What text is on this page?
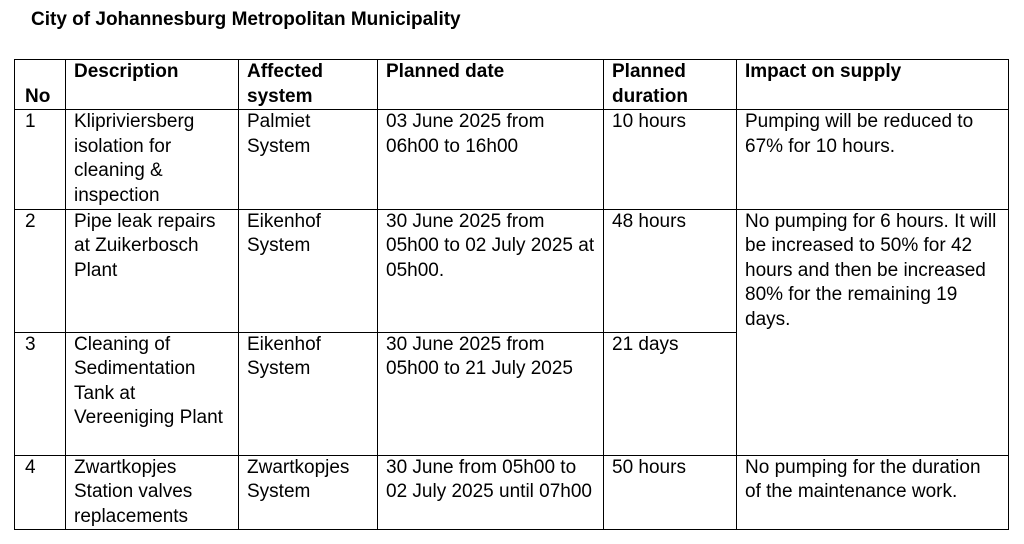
City of Johannesburg Metropolitan Municipality
No	Description	Affected system	Planned date	Planned duration	Impact on supply
1	Klipriviersberg isolation for cleaning & inspection	Palmiet System	03 June 2025 from 06h00 to 16h00	10 hours	Pumping will be reduced to 67% for 10 hours.
2	Pipe leak repairs at Zuikerbosch Plant	Eikenhof System	30 June 2025 from 05h00 to 02 July 2025 at 05h00.	48 hours	No pumping for 6 hours. It will be increased to 50% for 42 hours and then be increased 80% for the remaining 19 days.
3	Cleaning of Sedimentation Tank at Vereeniging Plant	Eikenhof System	30 June 2025 from 05h00 to 21 July 2025	21 days	
4	Zwartkopjes Station valves replacements	Zwartkopjes System	30 June from 05h00 to 02 July 2025 until 07h00	50 hours	No pumping for the duration of the maintenance work.
